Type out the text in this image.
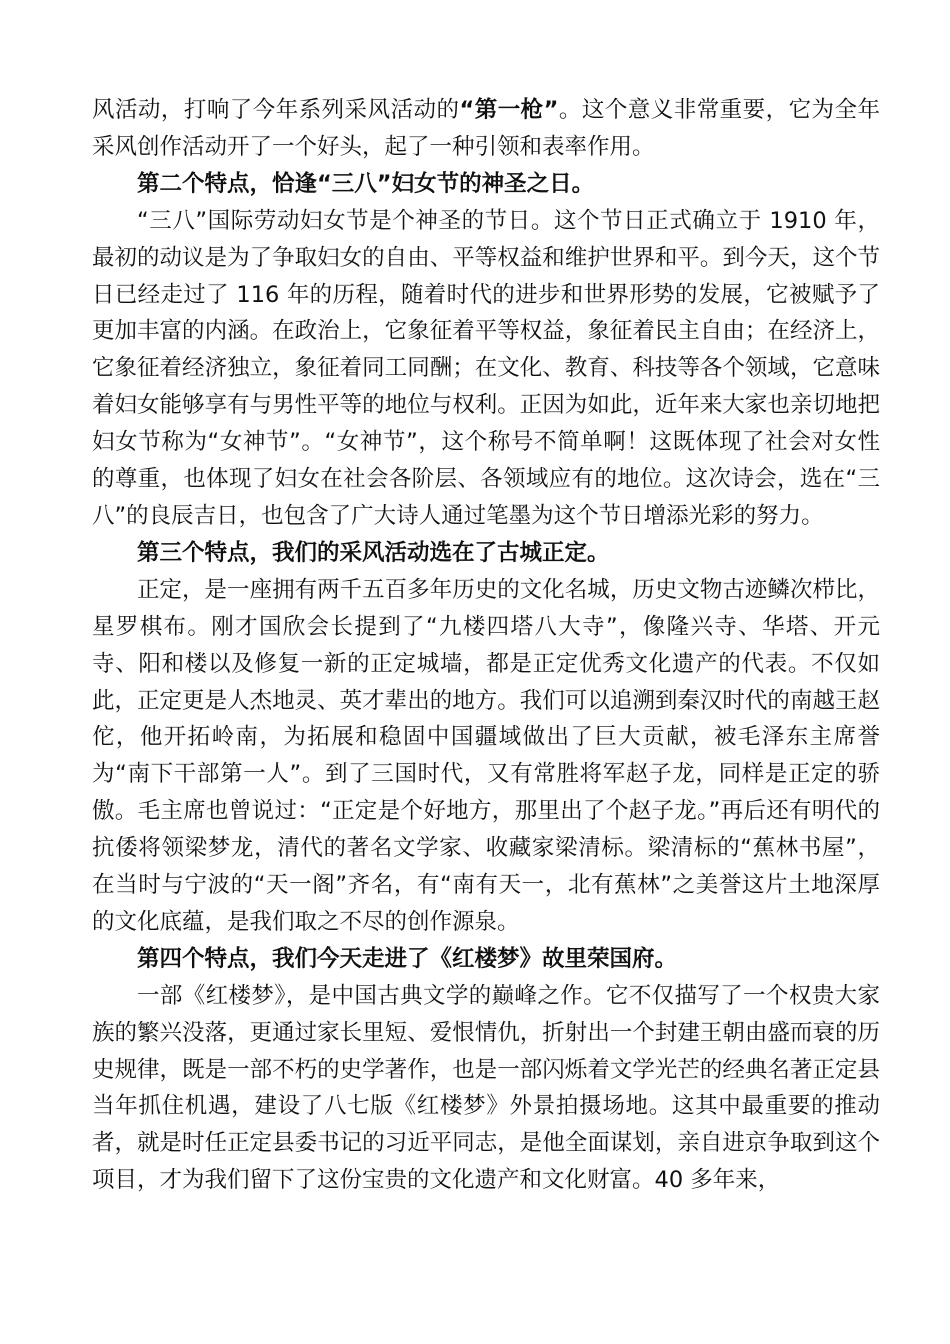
风活动，打响了今年系列采风活动的“第一枪”。这个意义非常重要，它为全年采风创作活动开了一个好头，起了一种引领和表率作用。

第二个特点，恰逢“三八”妇女节的神圣之日。

“三八”国际劳动妇女节是个神圣的节日。这个节日正式确立于 1910 年，最初的动议是为了争取妇女的自由、平等权益和维护世界和平。到今天，这个节日已经走过了 116 年的历程，随着时代的进步和世界形势的发展，它被赋予了更加丰富的内涵。在政治上，它象征着平等权益，象征着民主自由；在经济上，它象征着经济独立，象征着同工同酬；在文化、教育、科技等各个领域，它意味着妇女能够享有与男性平等的地位与权利。正因为如此，近年来大家也亲切地把妇女节称为“女神节”。“女神节”，这个称号不简单啊！这既体现了社会对女性的尊重，也体现了妇女在社会各阶层、各领域应有的地位。这次诗会，选在“三八”的良辰吉日，也包含了广大诗人通过笔墨为这个节日增添光彩的努力。

第三个特点，我们的采风活动选在了古城正定。

正定，是一座拥有两千五百多年历史的文化名城，历史文物古迹鳞次栉比，星罗棋布。刚才国欣会长提到了“九楼四塔八大寺”，像隆兴寺、华塔、开元寺、阳和楼以及修复一新的正定城墙，都是正定优秀文化遗产的代表。不仅如此，正定更是人杰地灵、英才辈出的地方。我们可以追溯到秦汉时代的南越王赵佗，他开拓岭南，为拓展和稳固中国疆域做出了巨大贡献，被毛泽东主席誉为“南下干部第一人”。到了三国时代，又有常胜将军赵子龙，同样是正定的骄傲。毛主席也曾说过：“正定是个好地方，那里出了个赵子龙。”再后还有明代的抗倭将领梁梦龙，清代的著名文学家、收藏家梁清标。梁清标的“蕉林书屋”，在当时与宁波的“天一阁”齐名，有“南有天一，北有蕉林”之美誉这片土地深厚的文化底蕴，是我们取之不尽的创作源泉。

第四个特点，我们今天走进了《红楼梦》故里荣国府。

一部《红楼梦》，是中国古典文学的巅峰之作。它不仅描写了一个权贵大家族的繁兴没落，更通过家长里短、爱恨情仇，折射出一个封建王朝由盛而衰的历史规律，既是一部不朽的史学著作，也是一部闪烁着文学光芒的经典名著正定县当年抓住机遇，建设了八七版《红楼梦》外景拍摄场地。这其中最重要的推动者，就是时任正定县委书记的习近平同志，是他全面谋划，亲自进京争取到这个项目，才为我们留下了这份宝贵的文化遗产和文化财富。40 多年来，
